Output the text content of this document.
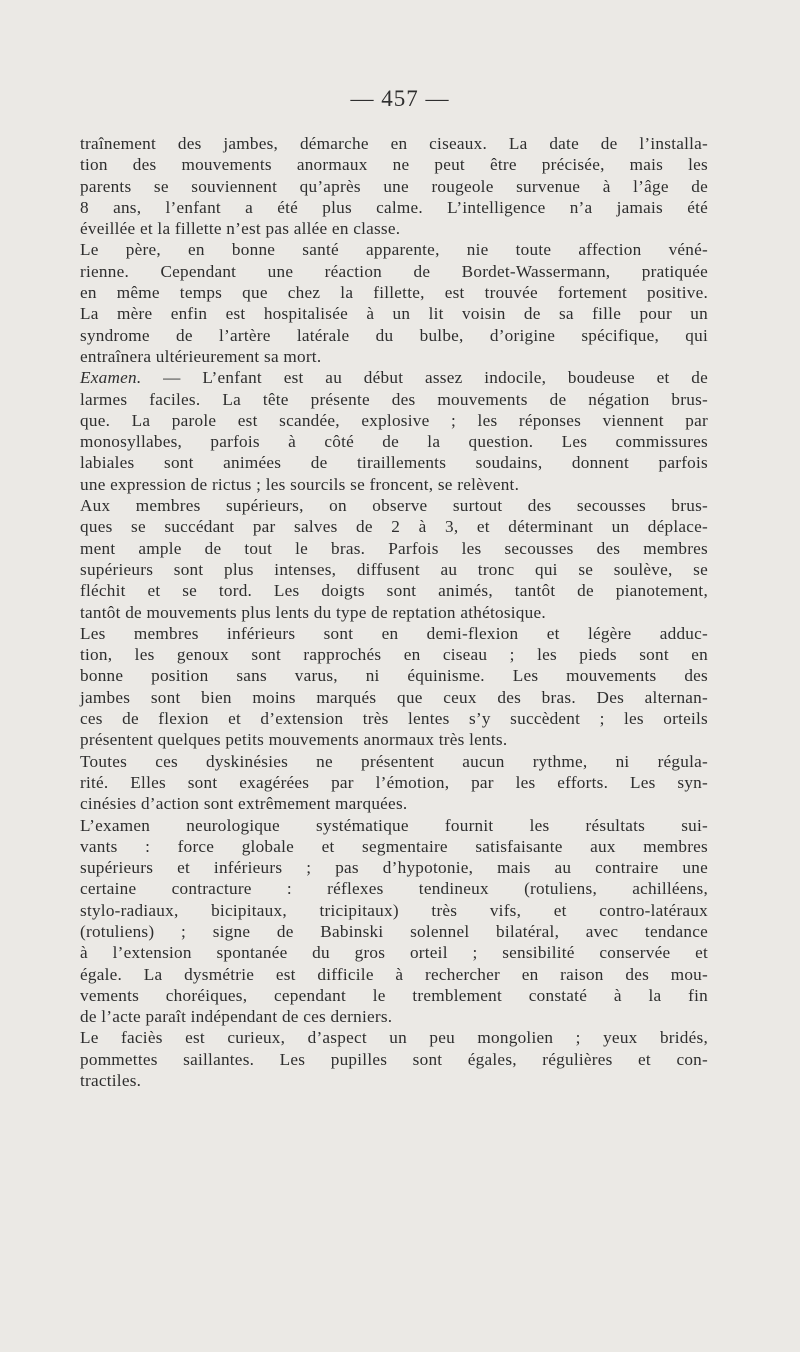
— 457 —
traînement des jambes, démarche en ciseaux. La date de l’installa-
tion des mouvements anormaux ne peut être précisée, mais les
parents se souviennent qu’après une rougeole survenue à l’âge de
8 ans, l’enfant a été plus calme. L’intelligence n’a jamais été
éveillée et la fillette n’est pas allée en classe.
Le père, en bonne santé apparente, nie toute affection véné-
rienne. Cependant une réaction de Bordet-Wassermann, pratiquée
en même temps que chez la fillette, est trouvée fortement positive.
La mère enfin est hospitalisée à un lit voisin de sa fille pour un
syndrome de l’artère latérale du bulbe, d’origine spécifique, qui
entraînera ultérieurement sa mort.
Examen. — L’enfant est au début assez indocile, boudeuse et de
larmes faciles. La tête présente des mouvements de négation brus-
que. La parole est scandée, explosive ; les réponses viennent par
monosyllabes, parfois à côté de la question. Les commissures
labiales sont animées de tiraillements soudains, donnent parfois
une expression de rictus ; les sourcils se froncent, se relèvent.
Aux membres supérieurs, on observe surtout des secousses brus-
ques se succédant par salves de 2 à 3, et déterminant un déplace-
ment ample de tout le bras. Parfois les secousses des membres
supérieurs sont plus intenses, diffusent au tronc qui se soulève, se
fléchit et se tord. Les doigts sont animés, tantôt de pianotement,
tantôt de mouvements plus lents du type de reptation athétosique.
Les membres inférieurs sont en demi-flexion et légère adduc-
tion, les genoux sont rapprochés en ciseau ; les pieds sont en
bonne position sans varus, ni équinisme. Les mouvements des
jambes sont bien moins marqués que ceux des bras. Des alternan-
ces de flexion et d’extension très lentes s’y succèdent ; les orteils
présentent quelques petits mouvements anormaux très lents.
Toutes ces dyskinésies ne présentent aucun rythme, ni régula-
rité. Elles sont exagérées par l’émotion, par les efforts. Les syn-
cinésies d’action sont extrêmement marquées.
L’examen neurologique systématique fournit les résultats sui-
vants : force globale et segmentaire satisfaisante aux membres
supérieurs et inférieurs ; pas d’hypotonie, mais au contraire une
certaine contracture : réflexes tendineux (rotuliens, achilléens,
stylo-radiaux, bicipitaux, tricipitaux) très vifs, et contro-latéraux
(rotuliens) ; signe de Babinski solennel bilatéral, avec tendance
à l’extension spontanée du gros orteil ; sensibilité conservée et
égale. La dysmétrie est difficile à rechercher en raison des mou-
vements choréiques, cependant le tremblement constaté à la fin
de l’acte paraît indépendant de ces derniers.
Le faciès est curieux, d’aspect un peu mongolien ; yeux bridés,
pommettes saillantes. Les pupilles sont égales, régulières et con-
tractiles.
